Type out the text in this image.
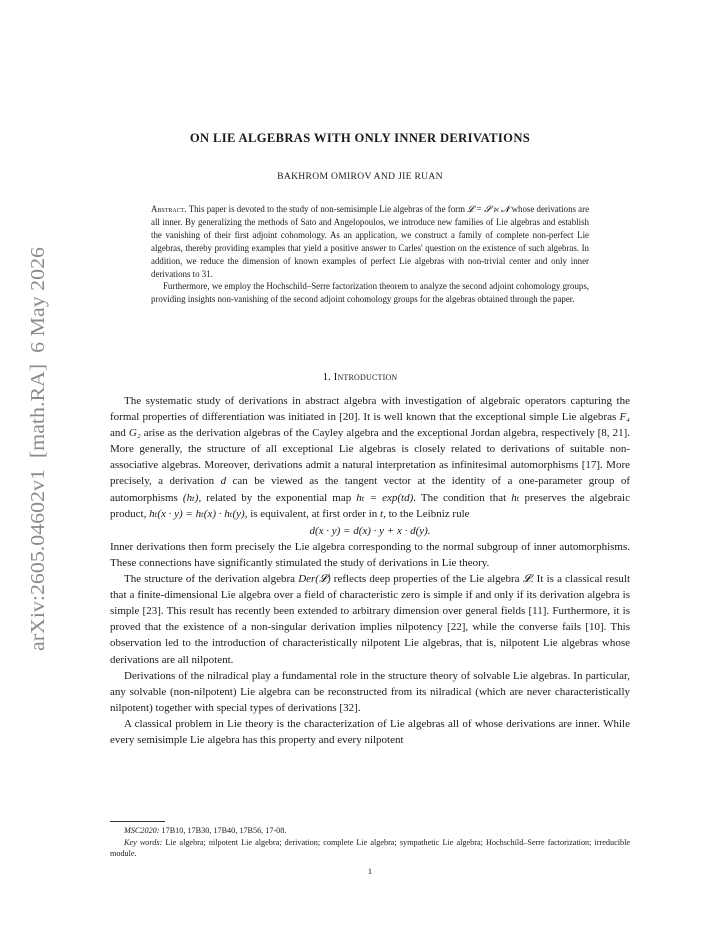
arXiv:2605.04602v1  [math.RA]  6 May 2026
ON LIE ALGEBRAS WITH ONLY INNER DERIVATIONS
BAKHROM OMIROV AND JIE RUAN

Abstract. This paper is devoted to the study of non-semisimple Lie algebras of the form 𝓛 = 𝓢 ⋉ 𝓝 whose derivations are all inner. By generalizing the methods of Sato and Angelopoulos, we introduce new families of Lie algebras and establish the vanishing of their first adjoint cohomology. As an application, we construct a family of complete non-perfect Lie algebras, thereby providing examples that yield a positive answer to Carles' question on the existence of such algebras. In addition, we reduce the dimension of known examples of perfect Lie algebras with non-trivial center and only inner derivations to 31.

Furthermore, we employ the Hochschild–Serre factorization theorem to analyze the second adjoint cohomology groups, providing insights non-vanishing of the second adjoint cohomology groups for the algebras obtained through the paper.

1. Introduction

The systematic study of derivations in abstract algebra with investigation of algebraic operators capturing the formal properties of differentiation was initiated in [20]. It is well known that the exceptional simple Lie algebras F₄ and G₂ arise as the derivation algebras of the Cayley algebra and the exceptional Jordan algebra, respectively [8, 21]. More generally, the structure of all exceptional Lie algebras is closely related to derivations of suitable non-associative algebras. Moreover, derivations admit a natural interpretation as infinitesimal automorphisms [17]. More precisely, a derivation d can be viewed as the tangent vector at the identity of a one-parameter group of automorphisms (hₜ), related by the exponential map hₜ = exp(td). The condition that hₜ preserves the algebraic product, hₜ(x · y) = hₜ(x) · hₜ(y), is equivalent, at first order in t, to the Leibniz rule

d(x · y) = d(x) · y + x · d(y).

Inner derivations then form precisely the Lie algebra corresponding to the normal subgroup of inner automorphisms. These connections have significantly stimulated the study of derivations in Lie theory.

The structure of the derivation algebra Der(𝓛) reflects deep properties of the Lie algebra 𝓛. It is a classical result that a finite-dimensional Lie algebra over a field of characteristic zero is simple if and only if its derivation algebra is simple [23]. This result has recently been extended to arbitrary dimension over general fields [11]. Furthermore, it is proved that the existence of a non-singular derivation implies nilpotency [22], while the converse fails [10]. This observation led to the introduction of characteristically nilpotent Lie algebras, that is, nilpotent Lie algebras whose derivations are all nilpotent.

Derivations of the nilradical play a fundamental role in the structure theory of solvable Lie algebras. In particular, any solvable (non-nilpotent) Lie algebra can be reconstructed from its nilradical (which are never characteristically nilpotent) together with special types of derivations [32].

A classical problem in Lie theory is the characterization of Lie algebras all of whose derivations are inner. While every semisimple Lie algebra has this property and every nilpotent

MSC2020: 17B10, 17B30, 17B40, 17B56, 17-08.

Key words: Lie algebra; nilpotent Lie algebra; derivation; complete Lie algebra; sympathetic Lie algebra; Hochschild–Serre factorization; irreducible module.

1
